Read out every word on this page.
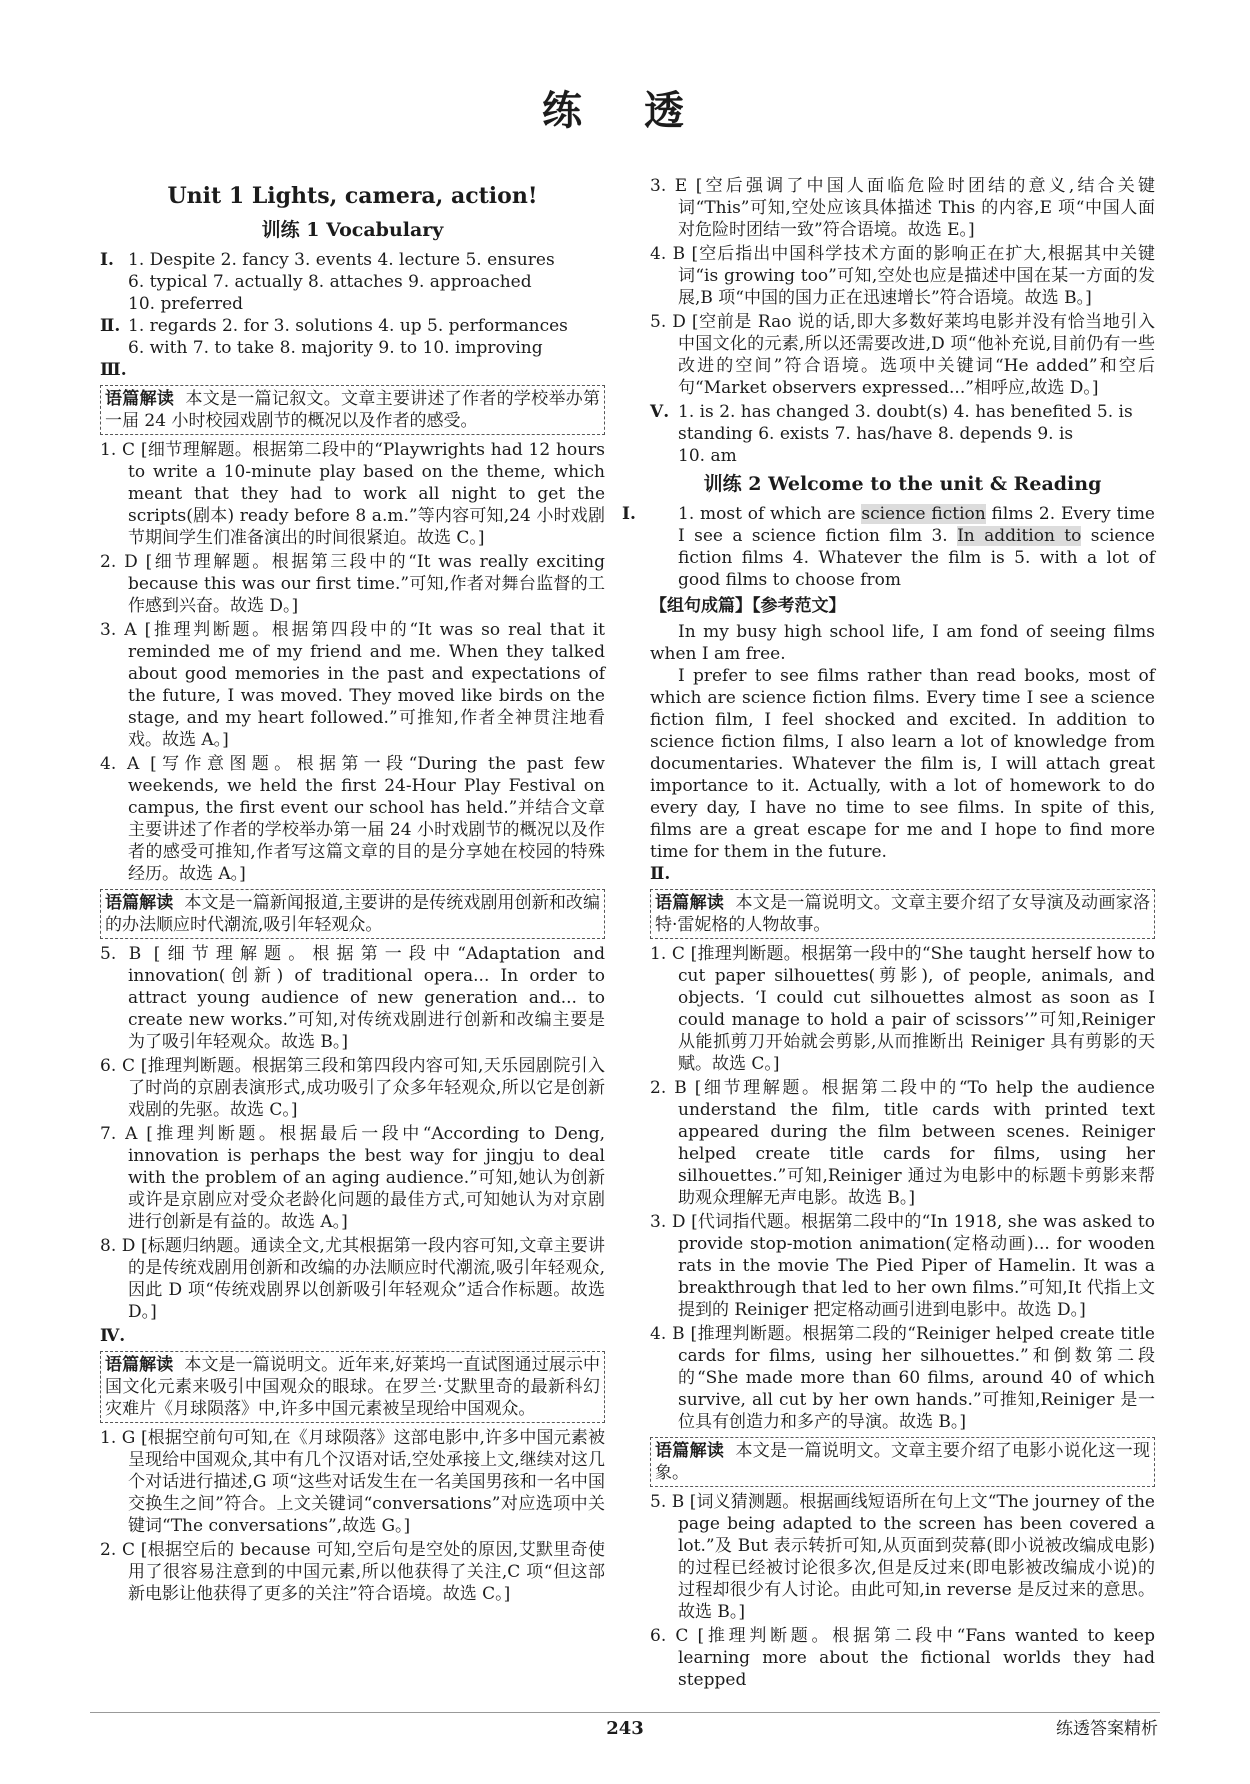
练 透
Unit 1 Lights, camera, action!
训练 1 Vocabulary
Ⅰ. 1. Despite 2. fancy 3. events 4. lecture 5. ensures
6. typical 7. actually 8. attaches 9. approached
10. preferred
Ⅱ. 1. regards 2. for 3. solutions 4. up 5. performances
6. with 7. to take 8. majority 9. to 10. improving
Ⅲ.
语篇解读 本文是一篇记叙文。文章主要讲述了作者的学校举办第一届 24 小时校园戏剧节的概况以及作者的感受。
1. C [细节理解题。根据第二段中的“Playwrights had 12 hours to write a 10-minute play based on the theme, which meant that they had to work all night to get the scripts(剧本) ready before 8 a.m.”等内容可知,24 小时戏剧节期间学生们准备演出的时间很紧迫。故选 C。]
2. D [细节理解题。根据第三段中的“It was really exciting because this was our first time.”可知,作者对舞台监督的工作感到兴奋。故选 D。]
3. A [推理判断题。根据第四段中的“It was so real that it reminded me of my friend and me. When they talked about good memories in the past and expectations of the future, I was moved. They moved like birds on the stage, and my heart followed.”可推知,作者全神贯注地看戏。故选 A。]
4. A [写作意图题。根据第一段“During the past few weekends, we held the first 24-Hour Play Festival on campus, the first event our school has held.”并结合文章主要讲述了作者的学校举办第一届 24 小时戏剧节的概况以及作者的感受可推知,作者写这篇文章的目的是分享她在校园的特殊经历。故选 A。]
语篇解读 本文是一篇新闻报道,主要讲的是传统戏剧用创新和改编的办法顺应时代潮流,吸引年轻观众。
5. B [细节理解题。根据第一段中“Adaptation and innovation(创新) of traditional opera... In order to attract young audience of new generation and... to create new works.”可知,对传统戏剧进行创新和改编主要是为了吸引年轻观众。故选 B。]
6. C [推理判断题。根据第三段和第四段内容可知,天乐园剧院引入了时尚的京剧表演形式,成功吸引了众多年轻观众,所以它是创新戏剧的先驱。故选 C。]
7. A [推理判断题。根据最后一段中“According to Deng, innovation is perhaps the best way for jingju to deal with the problem of an aging audience.”可知,她认为创新或许是京剧应对受众老龄化问题的最佳方式,可知她认为对京剧进行创新是有益的。故选 A。]
8. D [标题归纳题。通读全文,尤其根据第一段内容可知,文章主要讲的是传统戏剧用创新和改编的办法顺应时代潮流,吸引年轻观众,因此 D 项“传统戏剧界以创新吸引年轻观众”适合作标题。故选 D。]
Ⅳ.
语篇解读 本文是一篇说明文。近年来,好莱坞一直试图通过展示中国文化元素来吸引中国观众的眼球。在罗兰·艾默里奇的最新科幻灾难片《月球陨落》中,许多中国元素被呈现给中国观众。
1. G [根据空前句可知,在《月球陨落》这部电影中,许多中国元素被呈现给中国观众,其中有几个汉语对话,空处承接上文,继续对这几个对话进行描述,G 项“这些对话发生在一名美国男孩和一名中国交换生之间”符合。上文关键词“conversations”对应选项中关键词“The conversations”,故选 G。]
2. C [根据空后的 because 可知,空后句是空处的原因,艾默里奇使用了很容易注意到的中国元素,所以他获得了关注,C 项“但这部新电影让他获得了更多的关注”符合语境。故选 C。]
3. E [空后强调了中国人面临危险时团结的意义,结合关键词“This”可知,空处应该具体描述 This 的内容,E 项“中国人面对危险时团结一致”符合语境。故选 E。]
4. B [空后指出中国科学技术方面的影响正在扩大,根据其中关键词“is growing too”可知,空处也应是描述中国在某一方面的发展,B 项“中国的国力正在迅速增长”符合语境。故选 B。]
5. D [空前是 Rao 说的话,即大多数好莱坞电影并没有恰当地引入中国文化的元素,所以还需要改进,D 项“他补充说,目前仍有一些改进的空间”符合语境。选项中关键词“He added”和空后句“Market observers expressed...”相呼应,故选 D。]
Ⅴ. 1. is 2. has changed 3. doubt(s) 4. has benefited 5. is
standing 6. exists 7. has/have 8. depends 9. is
10. am
训练 2 Welcome to the unit & Reading
Ⅰ. 1. most of which are science fiction films 2. Every time I see a science fiction film 3. In addition to science fiction films 4. Whatever the film is 5. with a lot of good films to choose from
【组句成篇】【参考范文】
In my busy high school life, I am fond of seeing films when I am free.
I prefer to see films rather than read books, most of which are science fiction films. Every time I see a science fiction film, I feel shocked and excited. In addition to science fiction films, I also learn a lot of knowledge from documentaries. Whatever the film is, I will attach great importance to it. Actually, with a lot of homework to do every day, I have no time to see films. In spite of this, films are a great escape for me and I hope to find more time for them in the future.
Ⅱ.
语篇解读 本文是一篇说明文。文章主要介绍了女导演及动画家洛特·雷妮格的人物故事。
1. C [推理判断题。根据第一段中的“She taught herself how to cut paper silhouettes(剪影), of people, animals, and objects. ‘I could cut silhouettes almost as soon as I could manage to hold a pair of scissors’”可知,Reiniger 从能抓剪刀开始就会剪影,从而推断出 Reiniger 具有剪影的天赋。故选 C。]
2. B [细节理解题。根据第二段中的“To help the audience understand the film, title cards with printed text appeared during the film between scenes. Reiniger helped create title cards for films, using her silhouettes.”可知,Reiniger 通过为电影中的标题卡剪影来帮助观众理解无声电影。故选 B。]
3. D [代词指代题。根据第二段中的“In 1918, she was asked to provide stop-motion animation(定格动画)... for wooden rats in the movie The Pied Piper of Hamelin. It was a breakthrough that led to her own films.”可知,It 代指上文提到的 Reiniger 把定格动画引进到电影中。故选 D。]
4. B [推理判断题。根据第二段的“Reiniger helped create title cards for films, using her silhouettes.”和倒数第二段的“She made more than 60 films, around 40 of which survive, all cut by her own hands.”可推知,Reiniger 是一位具有创造力和多产的导演。故选 B。]
语篇解读 本文是一篇说明文。文章主要介绍了电影小说化这一现象。
5. B [词义猜测题。根据画线短语所在句上文“The journey of the page being adapted to the screen has been covered a lot.”及 But 表示转折可知,从页面到荧幕(即小说被改编成电影)的过程已经被讨论很多次,但是反过来(即电影被改编成小说)的过程却很少有人讨论。由此可知,in reverse 是反过来的意思。故选 B。]
6. C [推理判断题。根据第二段中“Fans wanted to keep learning more about the fictional worlds they had stepped
243	练透答案精析
